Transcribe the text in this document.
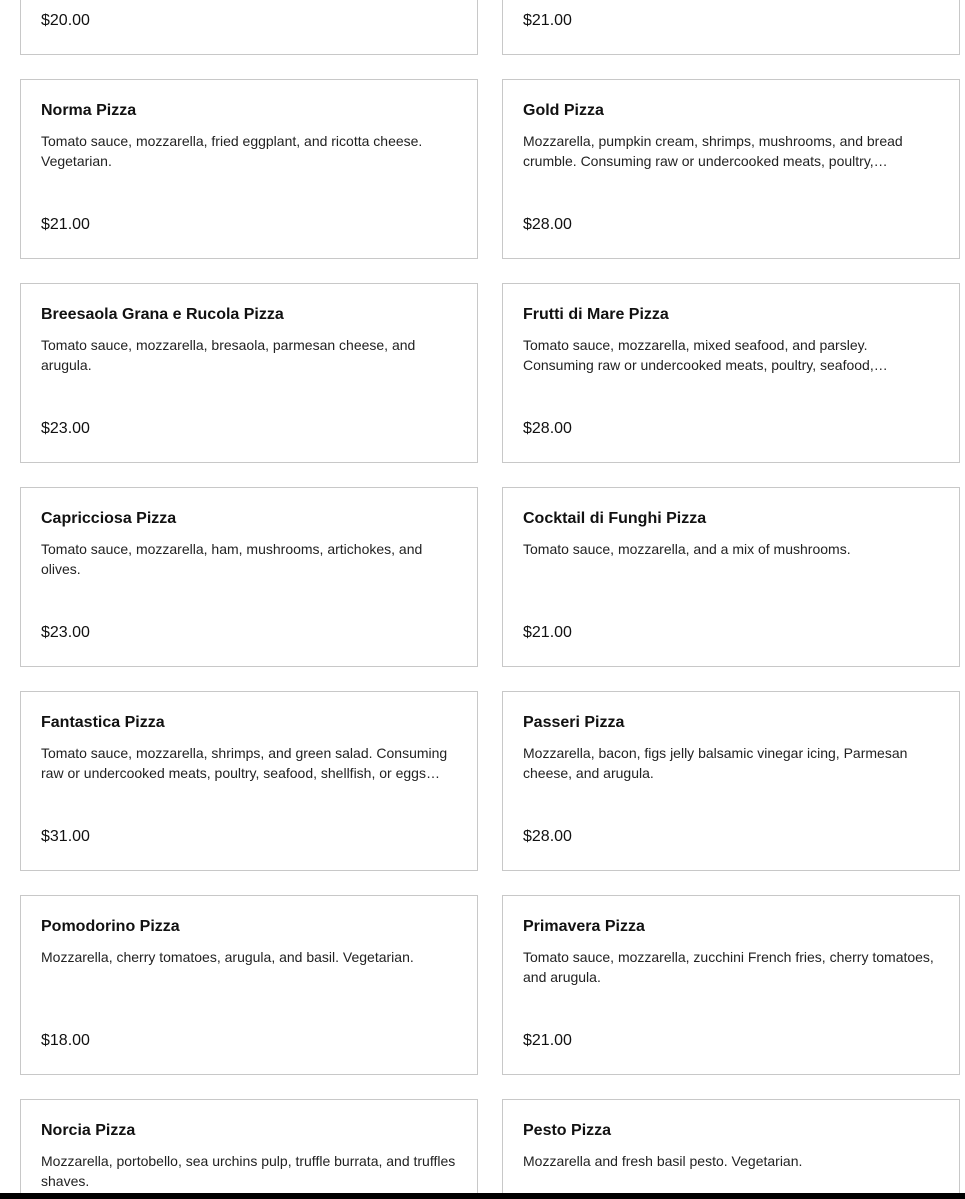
$20.00	$21.00
Norma Pizza
Tomato sauce, mozzarella, fried eggplant, and ricotta cheese. Vegetarian.
$21.00
Gold Pizza
Mozzarella, pumpkin cream, shrimps, mushrooms, and bread crumble. Consuming raw or undercooked meats, poultry,…
$28.00
Breesaola Grana e Rucola Pizza
Tomato sauce, mozzarella, bresaola, parmesan cheese, and arugula.
$23.00
Frutti di Mare Pizza
Tomato sauce, mozzarella, mixed seafood, and parsley. Consuming raw or undercooked meats, poultry, seafood,…
$28.00
Capricciosa Pizza
Tomato sauce, mozzarella, ham, mushrooms, artichokes, and olives.
$23.00
Cocktail di Funghi Pizza
Tomato sauce, mozzarella, and a mix of mushrooms.
$21.00
Fantastica Pizza
Tomato sauce, mozzarella, shrimps, and green salad. Consuming raw or undercooked meats, poultry, seafood, shellfish, or eggs…
$31.00
Passeri Pizza
Mozzarella, bacon, figs jelly balsamic vinegar icing, Parmesan cheese, and arugula.
$28.00
Pomodorino Pizza
Mozzarella, cherry tomatoes, arugula, and basil. Vegetarian.
$18.00
Primavera Pizza
Tomato sauce, mozzarella, zucchini French fries, cherry tomatoes, and arugula.
$21.00
Norcia Pizza
Mozzarella, portobello, sea urchins pulp, truffle burrata, and truffles shaves.
Pesto Pizza
Mozzarella and fresh basil pesto. Vegetarian.
